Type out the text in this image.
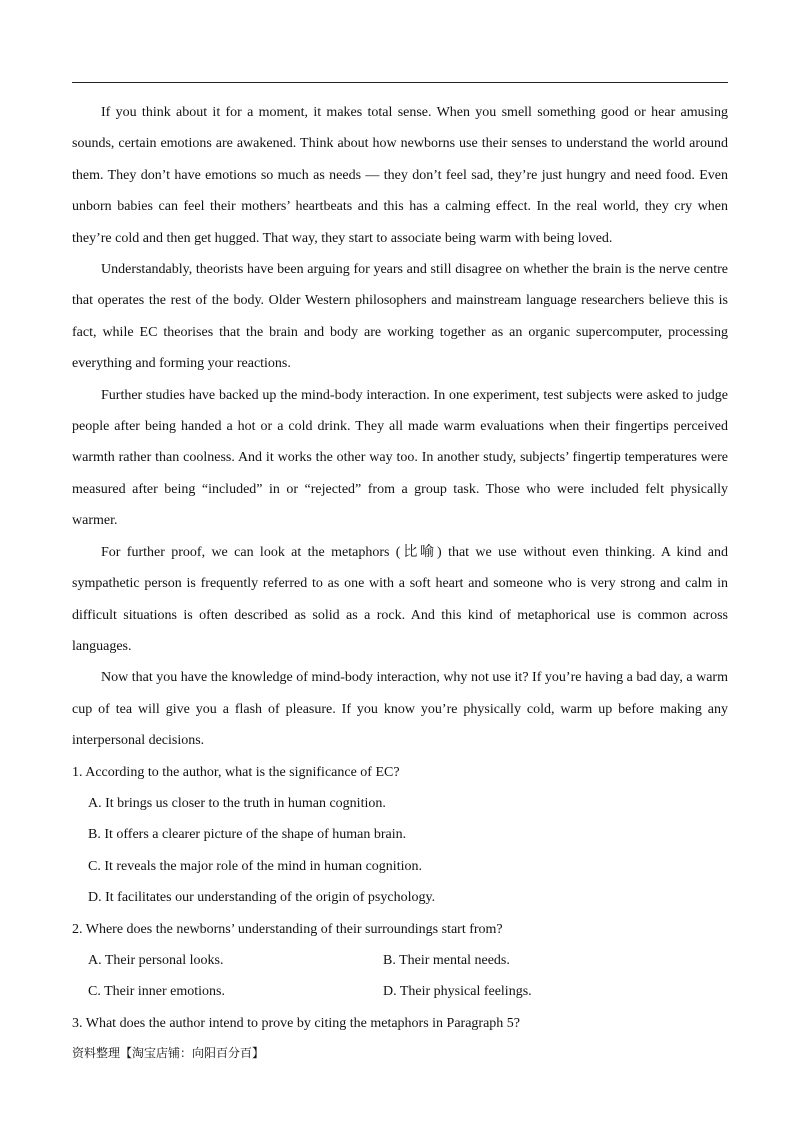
If you think about it for a moment, it makes total sense. When you smell something good or hear amusing sounds, certain emotions are awakened. Think about how newborns use their senses to understand the world around them. They don’t have emotions so much as needs — they don’t feel sad, they’re just hungry and need food. Even unborn babies can feel their mothers’ heartbeats and this has a calming effect. In the real world, they cry when they’re cold and then get hugged. That way, they start to associate being warm with being loved.

Understandably, theorists have been arguing for years and still disagree on whether the brain is the nerve centre that operates the rest of the body. Older Western philosophers and mainstream language researchers believe this is fact, while EC theorises that the brain and body are working together as an organic supercomputer, processing everything and forming your reactions.

Further studies have backed up the mind-body interaction. In one experiment, test subjects were asked to judge people after being handed a hot or a cold drink. They all made warm evaluations when their fingertips perceived warmth rather than coolness. And it works the other way too. In another study, subjects’ fingertip temperatures were measured after being “included” in or “rejected” from a group task. Those who were included felt physically warmer.

For further proof, we can look at the metaphors (比喻) that we use without even thinking. A kind and sympathetic person is frequently referred to as one with a soft heart and someone who is very strong and calm in difficult situations is often described as solid as a rock. And this kind of metaphorical use is common across languages.

Now that you have the knowledge of mind-body interaction, why not use it? If you’re having a bad day, a warm cup of tea will give you a flash of pleasure. If you know you’re physically cold, warm up before making any interpersonal decisions.

1. According to the author, what is the significance of EC?

A. It brings us closer to the truth in human cognition.

B. It offers a clearer picture of the shape of human brain.

C. It reveals the major role of the mind in human cognition.

D. It facilitates our understanding of the origin of psychology.

2. Where does the newborns’ understanding of their surroundings start from?

A. Their personal looks.	B. Their mental needs.
C. Their inner emotions.	D. Their physical feelings.

3. What does the author intend to prove by citing the metaphors in Paragraph 5?

资料整理【淘宝店铺：向阳百分百】
